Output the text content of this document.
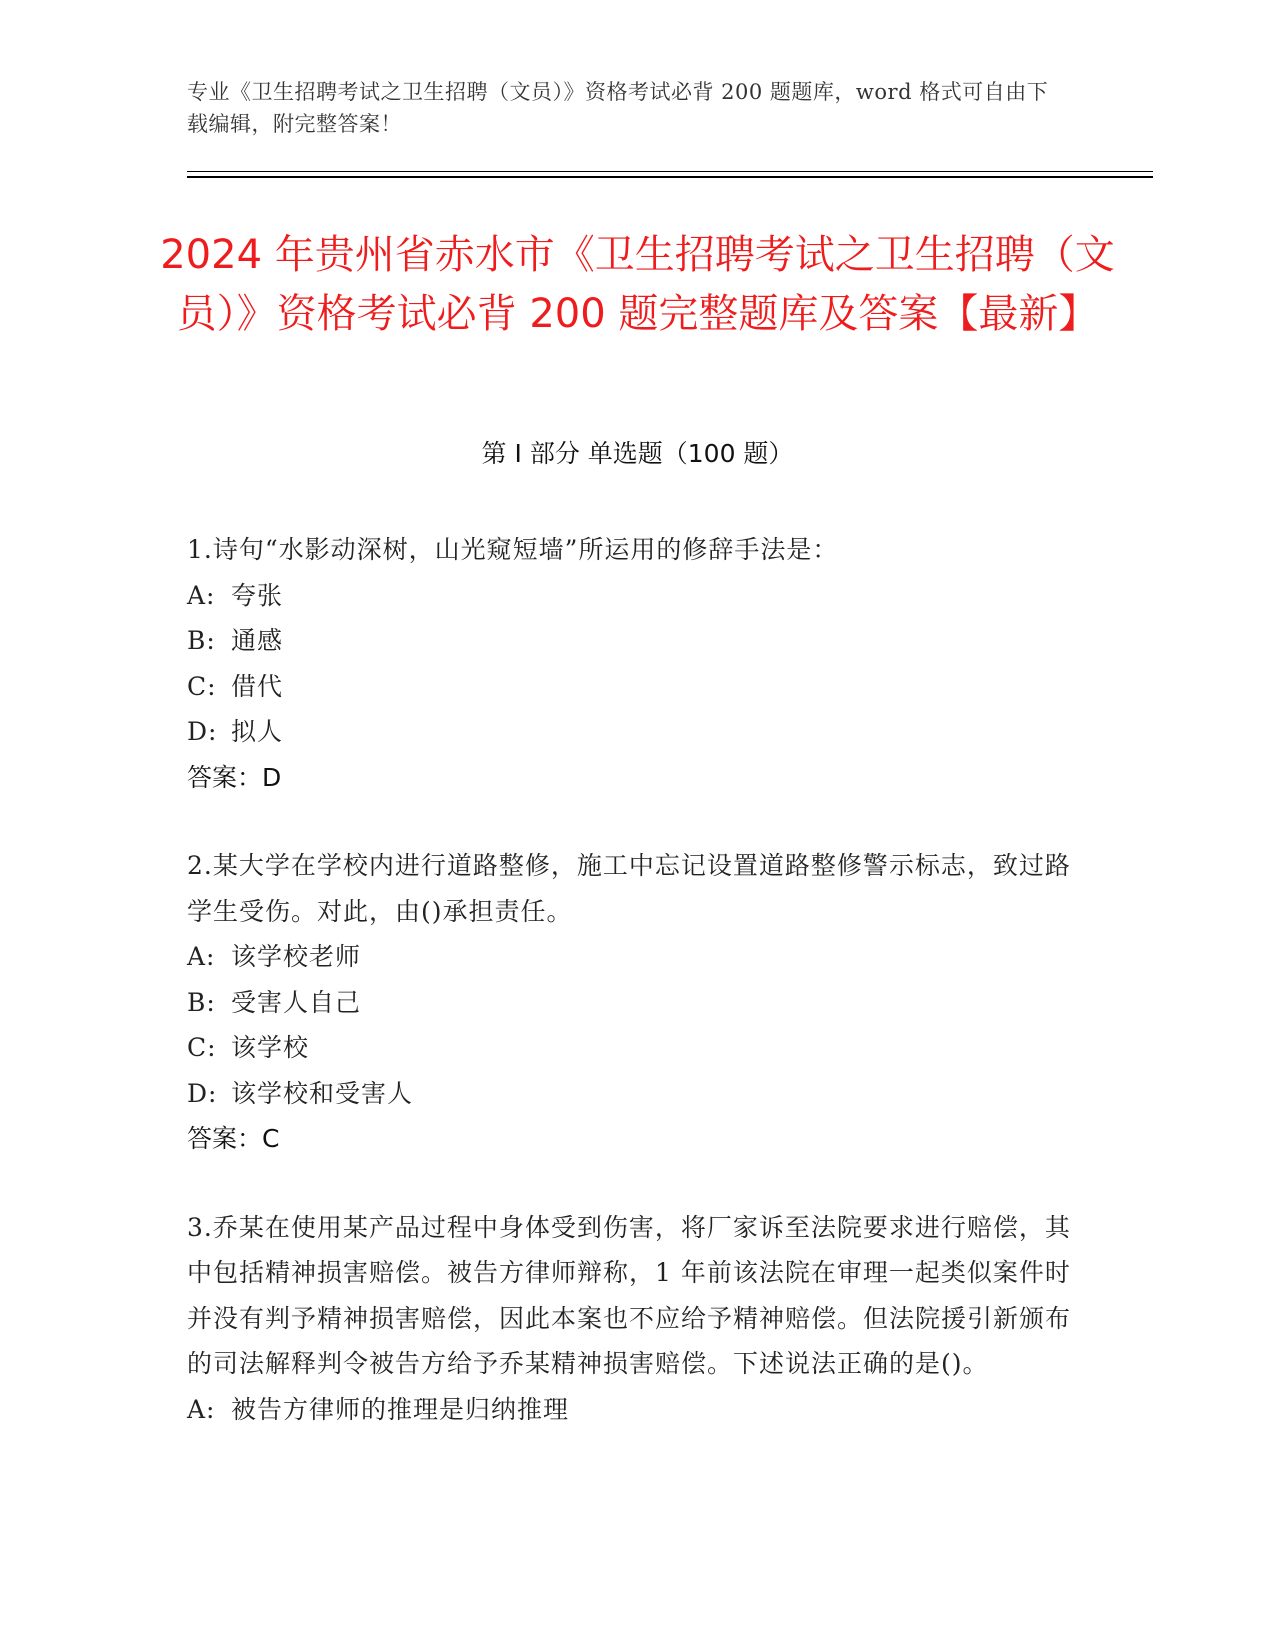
专业《卫生招聘考试之卫生招聘（文员）》资格考试必背 200 题题库，word 格式可自由下载编辑，附完整答案！
2024 年贵州省赤水市《卫生招聘考试之卫生招聘（文员）》资格考试必背 200 题完整题库及答案【最新】
第 I 部分 单选题（100 题）

1.诗句“水影动深树，山光窥短墙”所运用的修辞手法是：

A: 夸张
B: 通感
C: 借代
D: 拟人
答案：D

2.某大学在学校内进行道路整修，施工中忘记设置道路整修警示标志，致过路学生受伤。对此，由()承担责任。

A: 该学校老师
B: 受害人自己
C: 该学校
D: 该学校和受害人
答案：C

3.乔某在使用某产品过程中身体受到伤害，将厂家诉至法院要求进行赔偿，其中包括精神损害赔偿。被告方律师辩称，1 年前该法院在审理一起类似案件时并没有判予精神损害赔偿，因此本案也不应给予精神赔偿。但法院援引新颁布的司法解释判令被告方给予乔某精神损害赔偿。下述说法正确的是()。

A: 被告方律师的推理是归纳推理
